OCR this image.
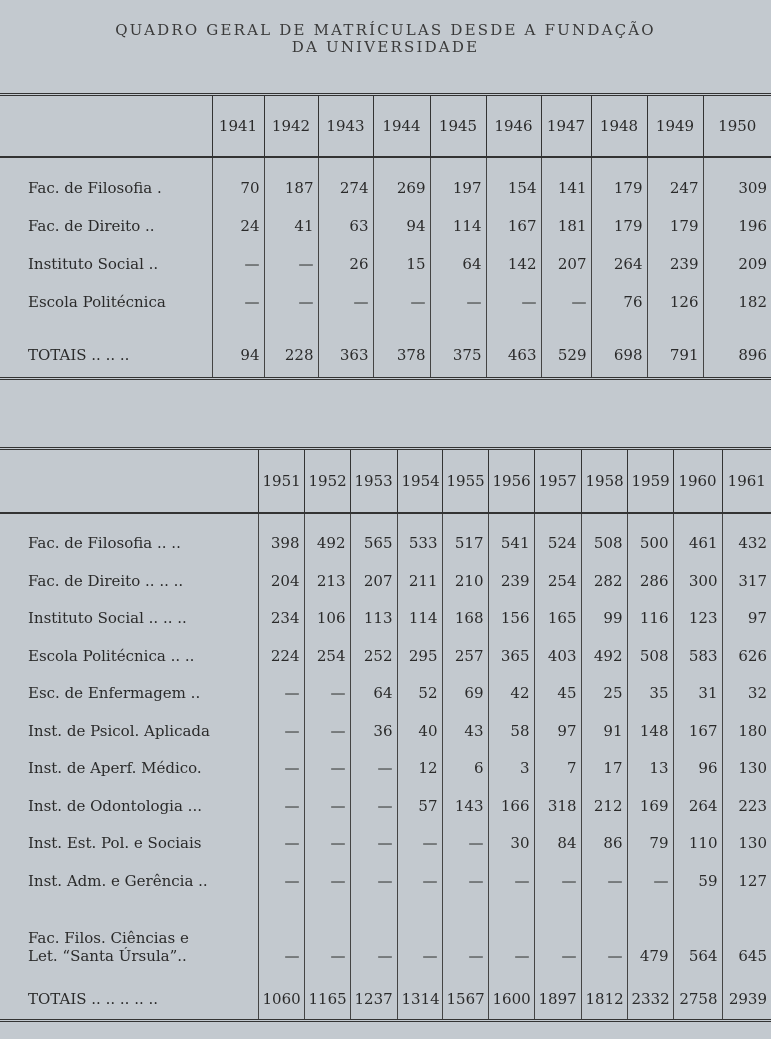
QUADRO GERAL DE MATRÍCULAS DESDE A FUNDAÇÃO
DA UNIVERSIDADE
	1941	1942	1943	1944	1945	1946	1947	1948	1949	1950

Fac. de Filosofia .	70	187	274	269	197	154	141	179	247	309
Fac. de Direito ..	24	41	63	94	114	167	181	179	179	196
Instituto Social ..	—	—	26	15	64	142	207	264	239	209
Escola Politécnica	—	—	—	—	—	—	—	76	126	182

TOTAIS .. .. ..	94	228	363	378	375	463	529	698	791	896
	1951	1952	1953	1954	1955	1956	1957	1958	1959	1960	1961

Fac. de Filosofia .. ..	398	492	565	533	517	541	524	508	500	461	432
Fac. de Direito .. .. ..	204	213	207	211	210	239	254	282	286	300	317
Instituto Social .. .. ..	234	106	113	114	168	156	165	99	116	123	97
Escola Politécnica .. ..	224	254	252	295	257	365	403	492	508	583	626
Esc. de Enfermagem ..	—	—	64	52	69	42	45	25	35	31	32
Inst. de Psicol. Aplicada	—	—	36	40	43	58	97	91	148	167	180
Inst. de Aperf. Médico.	—	—	—	12	6	3	7	17	13	96	130
Inst. de Odontologia ...	—	—	—	57	143	166	318	212	169	264	223
Inst. Est. Pol. e Sociais	—	—	—	—	—	30	84	86	79	110	130
Inst. Adm. e Gerência ..	—	—	—	—	—	—	—	—	—	59	127

Fac. Filos. Ciências e
Let. “Santa Úrsula”..	—	—	—	—	—	—	—	—	479	564	645

TOTAIS .. .. .. .. ..	1060	1165	1237	1314	1567	1600	1897	1812	2332	2758	2939
